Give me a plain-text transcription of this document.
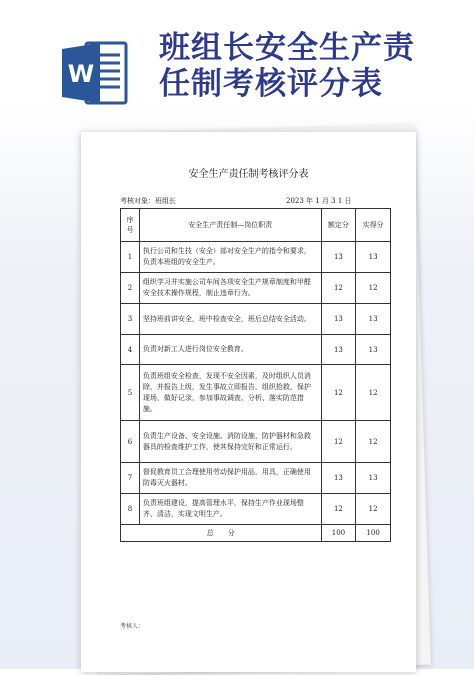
W
班组长安全生产责
任制考核评分表
安全生产责任制考核评分表
考核对象：班组长	2023 年 1 月 3 1 日
序号	安全生产责任制—岗位职责	额定分	实得分
1	执行公司和生技（安全）部对安全生产的指令和要求，负责本班组的安全生产。	13	13
2	组织学习并实施公司车间各项安全生产规章制度和甲醛安全技术操作规程，制止违章行为。	12	12
3	坚持班前讲安全，班中检查安全，班后总结安全活动。	13	13
4	负责对新工人进行岗位安全教育。	13	13
5	负责班组安全检查，发现不安全因素，及时组织人员消除，并报告上级，发生事故立即报告，组织抢救，保护现场，做好记录，参加事故调查、分析、落实防范措施。	12	12
6	负责生产设备、安全设施、消防设施、防护器材和急救器具的检查维护工作，使其保持完好和正常运行。	12	12
7	督促教育员工合理使用劳动保护用品，用具，正确使用防毒灭火器材。	13	13
8	负责班组建设，提高管理水平，保持生产作业现场整齐、清洁，实现文明生产。	12	12
总　　分		100	100
考核人：
